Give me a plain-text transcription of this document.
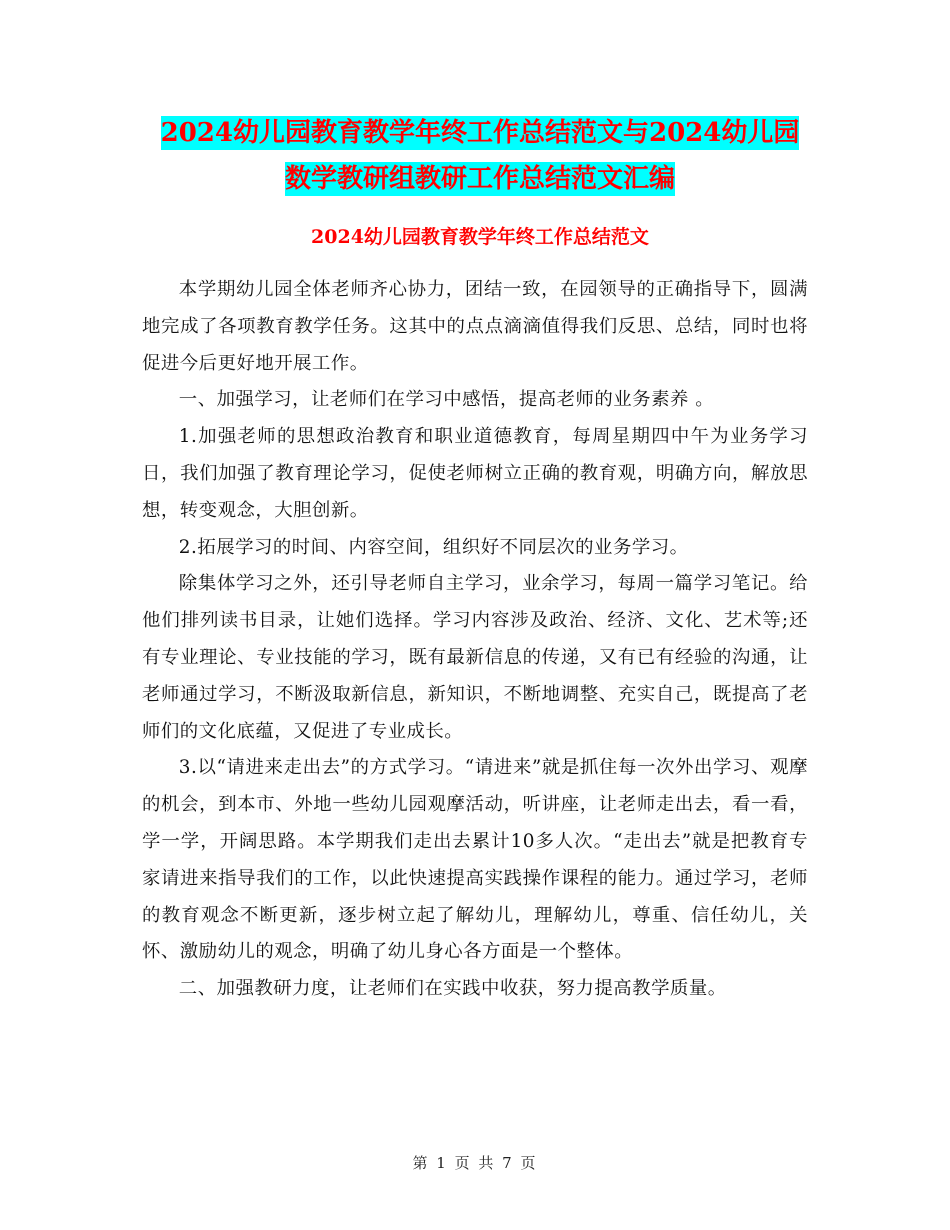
2024幼儿园教育教学年终工作总结范文与2024幼儿园
数学教研组教研工作总结范文汇编
2024幼儿园教育教学年终工作总结范文

本学期幼儿园全体老师齐心协力，团结一致，在园领导的正确指导下，圆满地完成了各项教育教学任务。这其中的点点滴滴值得我们反思、总结，同时也将促进今后更好地开展工作。

一、加强学习，让老师们在学习中感悟，提高老师的业务素养 。

1.加强老师的思想政治教育和职业道德教育，每周星期四中午为业务学习日，我们加强了教育理论学习，促使老师树立正确的教育观，明确方向，解放思想，转变观念，大胆创新。

2.拓展学习的时间、内容空间，组织好不同层次的业务学习。

除集体学习之外，还引导老师自主学习，业余学习，每周一篇学习笔记。给他们排列读书目录，让她们选择。学习内容涉及政治、经济、文化、艺术等;还有专业理论、专业技能的学习，既有最新信息的传递，又有已有经验的沟通，让老师通过学习，不断汲取新信息，新知识，不断地调整、充实自己，既提高了老师们的文化底蕴，又促进了专业成长。

3.以“请进来走出去”的方式学习。“请进来”就是抓住每一次外出学习、观摩的机会，到本市、外地一些幼儿园观摩活动，听讲座，让老师走出去，看一看，学一学，开阔思路。本学期我们走出去累计10多人次。“走出去”就是把教育专家请进来指导我们的工作，以此快速提高实践操作课程的能力。通过学习，老师的教育观念不断更新，逐步树立起了解幼儿，理解幼儿，尊重、信任幼儿，关怀、激励幼儿的观念，明确了幼儿身心各方面是一个整体。

二、加强教研力度，让老师们在实践中收获，努力提高教学质量。

第 1 页 共 7 页
